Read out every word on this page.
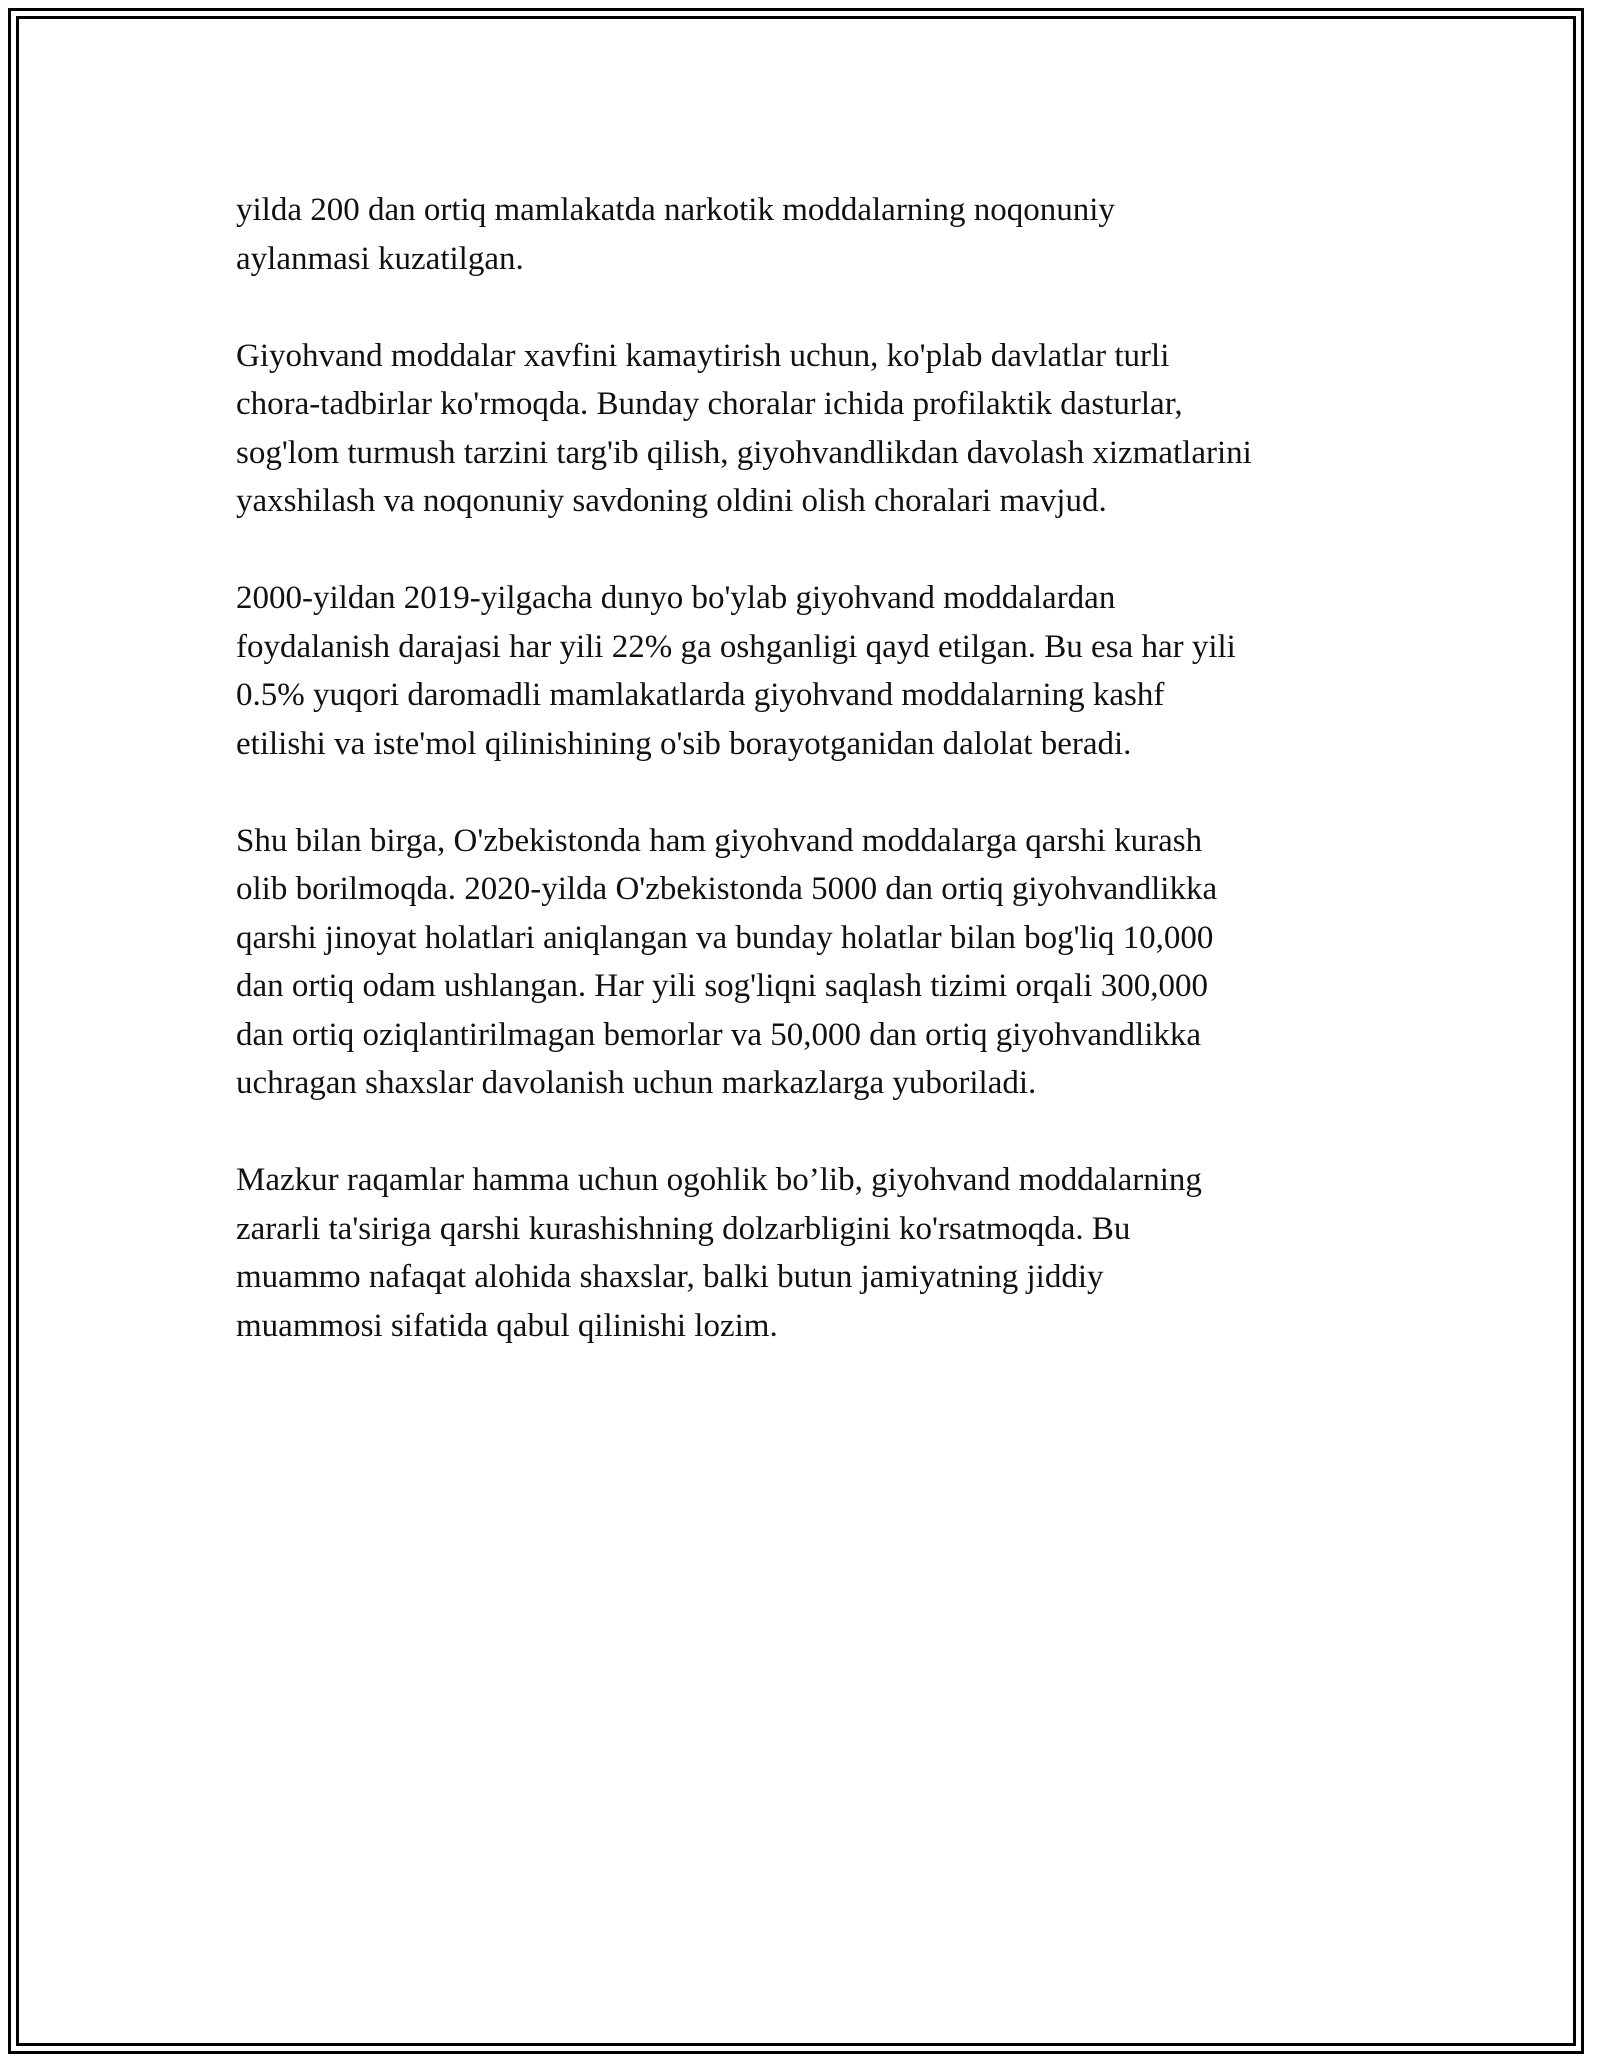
yilda 200 dan ortiq mamlakatda narkotik moddalarning noqonuniy
aylanmasi kuzatilgan.

Giyohvand moddalar xavfini kamaytirish uchun, ko'plab davlatlar turli
chora-tadbirlar ko'rmoqda. Bunday choralar ichida profilaktik dasturlar,
sog'lom turmush tarzini targ'ib qilish, giyohvandlikdan davolash xizmatlarini
yaxshilash va noqonuniy savdoning oldini olish choralari mavjud.

2000-yildan 2019-yilgacha dunyo bo'ylab giyohvand moddalardan
foydalanish darajasi har yili 22% ga oshganligi qayd etilgan. Bu esa har yili
0.5% yuqori daromadli mamlakatlarda giyohvand moddalarning kashf
etilishi va iste'mol qilinishining o'sib borayotganidan dalolat beradi.

Shu bilan birga, O'zbekistonda ham giyohvand moddalarga qarshi kurash
olib borilmoqda. 2020-yilda O'zbekistonda 5000 dan ortiq giyohvandlikka
qarshi jinoyat holatlari aniqlangan va bunday holatlar bilan bog'liq 10,000
dan ortiq odam ushlangan. Har yili sog'liqni saqlash tizimi orqali 300,000
dan ortiq oziqlantirilmagan bemorlar va 50,000 dan ortiq giyohvandlikka
uchragan shaxslar davolanish uchun markazlarga yuboriladi.

Mazkur raqamlar hamma uchun ogohlik bo’lib, giyohvand moddalarning
zararli ta'siriga qarshi kurashishning dolzarbligini ko'rsatmoqda. Bu
muammo nafaqat alohida shaxslar, balki butun jamiyatning jiddiy
muammosi sifatida qabul qilinishi lozim.
